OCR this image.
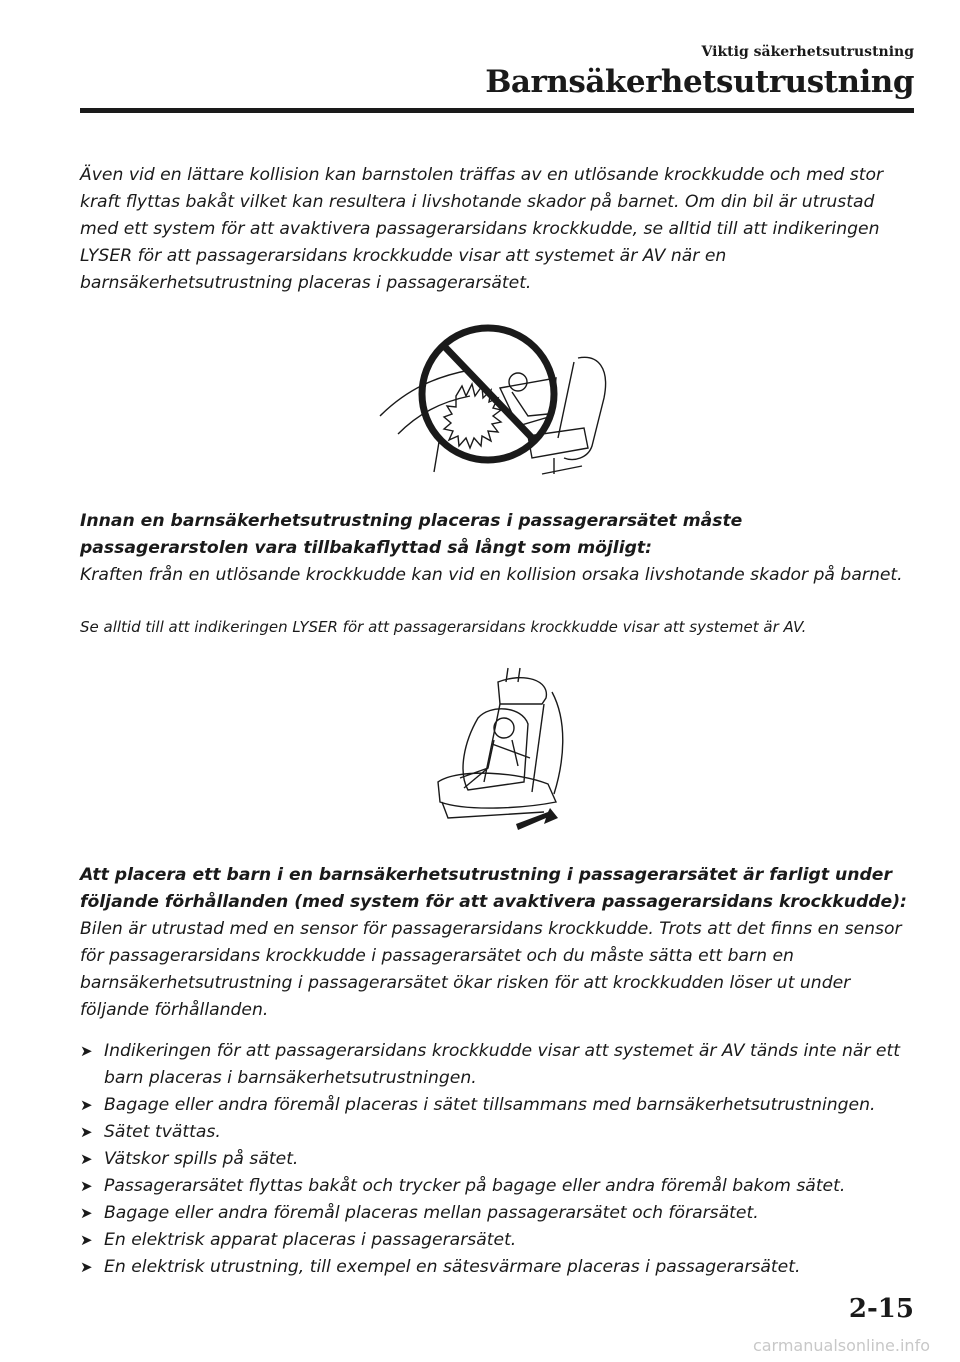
Viktig säkerhetsutrustning
Barnsäkerhetsutrustning

Även vid en lättare kollision kan barnstolen träffas av en utlösande krockkudde och med stor kraft flyttas bakåt vilket kan resultera i livshotande skador på barnet. Om din bil är utrustad med ett system för att avaktivera passagerarsidans krockkudde, se alltid till att indikeringen LYSER för att passagerarsidans krockkudde visar att systemet är AV när en barnsäkerhetsutrustning placeras i passagerarsätet.

Innan en barnsäkerhetsutrustning placeras i passagerarsätet måste passagerarstolen vara tillbakaflyttad så långt som möjligt:
Kraften från en utlösande krockkudde kan vid en kollision orsaka livshotande skador på barnet.
Se alltid till att indikeringen LYSER för att passagerarsidans krockkudde visar att systemet är AV.
Att placera ett barn i en barnsäkerhetsutrustning i passagerarsätet är farligt under följande förhållanden (med system för att avaktivera passagerarsidans krockkudde):
Bilen är utrustad med en sensor för passagerarsidans krockkudde. Trots att det finns en sensor för passagerarsidans krockkudde i passagerarsätet och du måste sätta ett barn en barnsäkerhetsutrustning i passagerarsätet ökar risken för att krockkudden löser ut under följande förhållanden.
➤ Indikeringen för att passagerarsidans krockkudde visar att systemet är AV tänds inte när ett barn placeras i barnsäkerhetsutrustningen.
➤ Bagage eller andra föremål placeras i sätet tillsammans med barnsäkerhetsutrustningen.
➤ Sätet tvättas.
➤ Vätskor spills på sätet.
➤ Passagerarsätet flyttas bakåt och trycker på bagage eller andra föremål bakom sätet.
➤ Bagage eller andra föremål placeras mellan passagerarsätet och förarsätet.
➤ En elektrisk apparat placeras i passagerarsätet.
➤ En elektrisk utrustning, till exempel en sätesvärmare placeras i passagerarsätet.
2-15
carmanualsonline.info
